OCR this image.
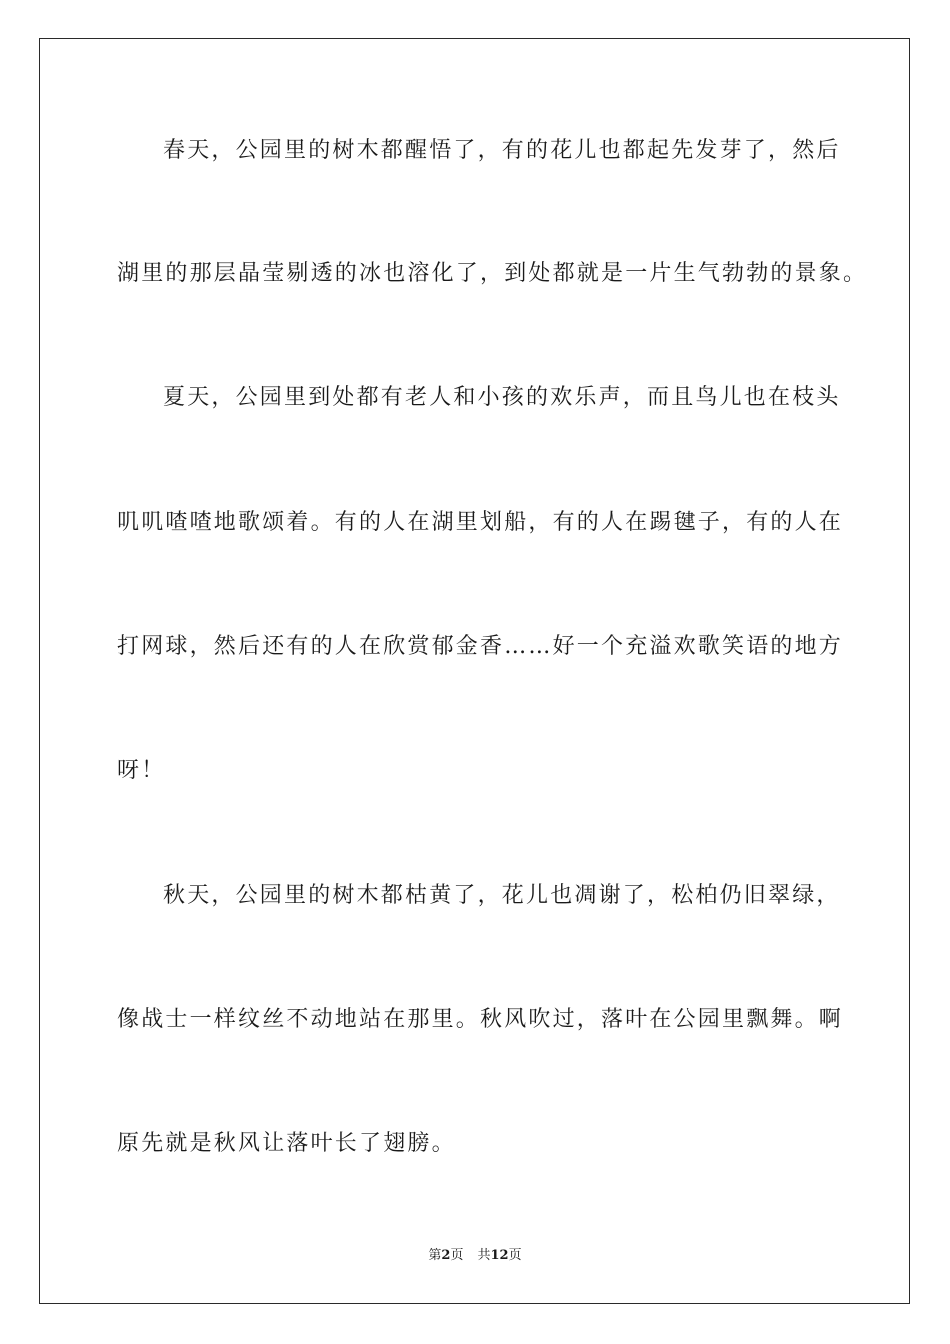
春天，公园里的树木都醒悟了，有的花儿也都起先发芽了，然后
湖里的那层晶莹剔透的冰也溶化了，到处都就是一片生气勃勃的景象。
夏天，公园里到处都有老人和小孩的欢乐声，而且鸟儿也在枝头
叽叽喳喳地歌颂着。有的人在湖里划船，有的人在踢毽子，有的人在
打网球，然后还有的人在欣赏郁金香……好一个充溢欢歌笑语的地方
呀！
秋天，公园里的树木都枯黄了，花儿也凋谢了，松柏仍旧翠绿，
像战士一样纹丝不动地站在那里。秋风吹过，落叶在公园里飘舞。啊
原先就是秋风让落叶长了翅膀。
第2页 共12页
